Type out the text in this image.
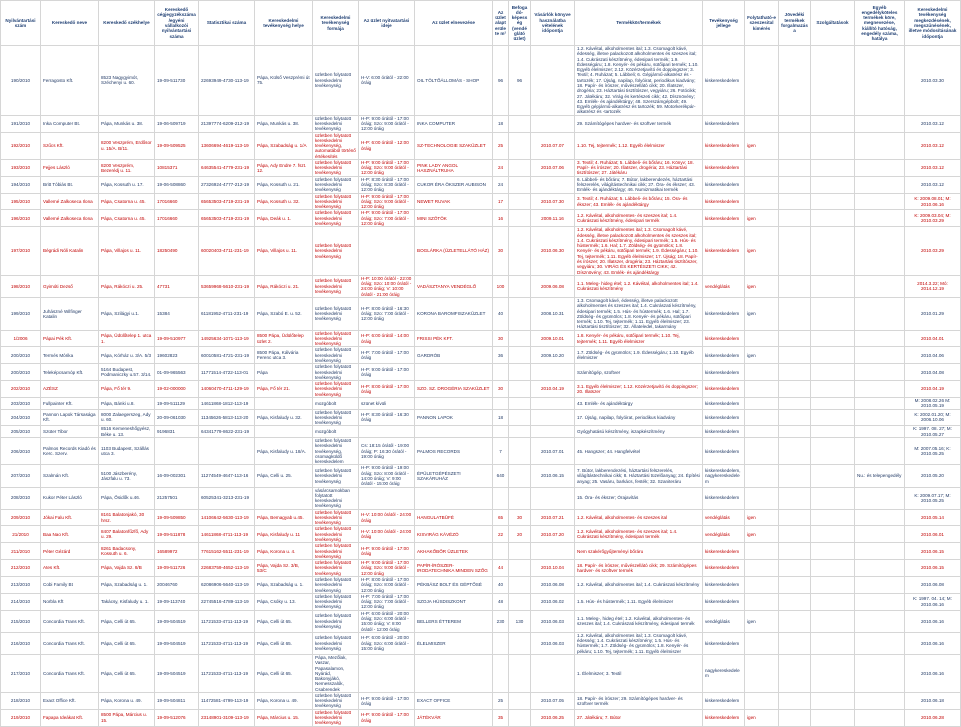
Nyilvántartási szám	Kereskedő neve	Kereskedő székhelye	Kereskedő cégjegyzékszáma/egyéni vállalkozói nyilvántartási száma	Statisztikai száma	Kereskedelmi tevékenység helye	Kereskedelmi tevékenység formája	Az üzlet nyitvatartási ideje	Az üzlet elnevezése	Az üzlet alapterülete m²	Befogadó-képesség (vendéglátó üzlet)	Vásárlók könyve használatba vételének időpontja	Termékkör/termékek	Tevékenység jellege	Folytatható-e szeszesital kimérés	Jövedéki termékek forgalmazása	Szolgáltatások	Egyéb engedélyköteles termékek köre, megnevezése, kiállító hatóság, engedély száma, hatálya	Kereskedelmi tevékenység megkezdésének, megszűnésének, illetve módosításának időpontja
190/2010	Ferragosto Kft.	8523 Nagygyimót, Széchenyi u. 60.	19-09-511730	22693949-4730-113-19	Pápa, Külső Veszprémi út 75.	üzletben folytatott kereskedelmi tevékenység	H-V: 6:00 órától - 22:00 óráig	OIL TÖLTŐÁLLOMÁS - SHOP	96	96		1.2. Kávéital, alkoholmentes ital; 1.3. Csomagolt kávé, édesség, illetve palackozott alkoholmentes és szeszes ital; 1.4. Cukrászati készítmény, édesipari termék; 1.9. Édességáru; 1.8. Kenyér- és pékáru, sütőipari termék; 1.10. Egyéb élelmiszer; 2.12. Közérzetjavító és doppingszer; 3. Textil; 4. Ruházat; 5. Lábbeli; 6. Gépjármű-alkatrész és -tartozék; 17. Újság, napilap, folyóirat, periodikus kiadvány; 18. Papír- és írószer, művészellátó cikk; 20. Illatszer, drogéria; 23. Háztartási tisztítószer, vegyiáru; 26. Fotócikk; 27. Játékáru; 32. Virág és kertészeti cikk; 42. Dísznövény; 43. Emlék- és ajándéktárgy; 48. Szerszámgépbolt; 49. Egyéb gépjármű-alkatrész és tartozék; 59. Motorkerékpár-alkatrész és -tartozék	kiskereskedelem					2010.03.30
191/2010	Inka Computer Bt.	Pápa, Munkás u. 38.	19-06-509719	21397774-6209-212-19	Pápa, Munkás u. 38.	üzletben folytatott kereskedelmi tevékenység	H-P: 9:00 órától - 17:00 óráig; Szo: 9:00 órától - 12:00 óráig	INKA COMPUTER	18			29. Számítógépes hardver- és szoftver termék	kiskereskedelem					2010.03.12
192/2010	Szűcs Kft.	8200 Veszprém, Erdősor u. 15/A. B/11.	19-09-509525	13606694-4619-113-19	Pápa, Szabadság u. 1/A	üzletben folytatott kereskedelmi tevékenység, automatából történő értékesítés	H-P: 6:00 órától - 12:00 óráig	SZ-TECHNOLOGIE SZAKÜZLET	25		2010.07.07	1.10. Tej, tejtermék; 1.12. Egyéb élelmiszer	kiskereskedelem	igen				2010.03.12
193/2010	Fejjes László	8200 Veszprém, Bezerédj u. 11.	10815371	64635541-4779-231-19	Pápa, Ady Endre 7. fszt. 12.	üzletben folytatott kereskedelmi tevékenység	H-P: 9:00 órától - 17:00 óráig; Szo: 9:00 órától - 12:00 óráig	PINK LADY ANGOL HASZNÁLTRUHA	24		2010.07.06	3. Textil; 4. Ruházat; 5. Lábbeli- és bőráru; 16. Könyv; 18. Papír- és írószer; 20. Illatszer, drogéria; 23. Háztartási tisztítószer; 27. Játékáru	kiskereskedelem					2010.03.12
194/2010	Britt Tóbiás Bt.	Pápa, Kossuth u. 17.	19-06-508860	27326924-4777-212-19	Pápa, Kossuth u. 21.	üzletben folytatott kereskedelmi tevékenység	H-P: 8:30 órától - 17:00 óráig; Szo: 8:30 órától - 12:00 óráig	CUKOR ÉRA ÖKSZER AUBISON	24			6. Lábbeli- és bőráru; 7. Bútor, lakberendezés, háztartási felszerelés, világítástechnikai cikk; 27. Óra- és ékszer; 43. Emlék- és ajándéktárgy; 46. Numizmatikai termék	kiskereskedelem					2010.03.12
195/2010	Vallemé Zalkoseca Ilona	Pápa, Csatorna u. 45.	17016660	65653503-4719-231-19	Pápa, Kossuth u. 32.	üzletben folytatott kereskedelmi tevékenység	H-P: 9:00 órától - 17:00 óráig; Szo: 9:00 órától - 12:00 óráig	NEWET RUVAK	17		2010.07.30	3. Textil; 4. Ruházat; 5. Lábbeli- és bőráru; 15. Óra- és ékszer; 43. Emlék- és ajándéktárgy	kiskereskedelem					K: 2009.08.01; M: 2010.06.16
196/2010	Vallemé Zalkoseca Ilona	Pápa, Csatorna u. 45.	17016660	65653503-4719-231-19	Pápa, Deák u. 1.	üzletben folytatott kereskedelmi tevékenység	H-P: 9:00 órától - 17:00 óráig; Szo: 7:00 órától - 12:00 óráig	MINI SZÖTÖK	16		2009.11.16	1.2. Kávéital, alkoholmentes- és szeszes ital; 1.4. Cukrászati készítmény, édesipari termék	kiskereskedelem	igen				K: 2009.03.04; M: 2010.03.29
197/2010	Bégrádi Nóli Katalin	Pápa, Villajos u. 11.	18250490	60020403-4711-231-19	Pápa, Villajos u. 11.	üzletben folytatott kereskedelmi tevékenység		BOGLÁRKA (ÜZLETELLÁTÓ HÁZ)	30		2010.06.30	1.2. Kávéital, alkoholmentes ital; 1.3. Csomagolt kávé, édesség, illetve palackozott alkoholmentes és szeszes ital; 1.4. Cukrászati készítmény, édesipari termék; 1.5. Hús- és hústermék; 1.6. Hal; 1.7. Zöldség- és gyümölcs; 1.8. Kenyér- és pékáru, sütőipari termék; 1.9. Édességáru; 1.10. Tej, tejtermék; 1.11. Egyéb élelmiszer; 17. Újság; 18. Papír- és írószer; 20. Illatszer, drogéria; 23. Háztartási tisztítószer, vegyiáru; 30. VIRÁG ÉS KERTÉSZETI CIKK; 42. Dísznövény; 43. Emlék- és ajándéktárgy	kiskereskedelem	igen				2010.03.29
198/2010	Gyimóti Dezső	Pápa, Rákóczi u. 25.	47731	53659968-5610-231-19	Pápa, Rákóczi u. 21.	üzletben folytatott kereskedelmi tevékenység	H-P: 10:00 órától - 22:00 óráig; Szo: 10:00 órától - 24:00 óráig; V: 10:00 órától - 21:00 óráig	VADÁSZTANYA VENDÉGLŐ	100		2009.06.08	1.1. Meleg- hideg étel; 1.2. Kávéital, alkoholmentes ital; 1.4. Cukrászati készítmény	vendéglátás	igen				2014.3.22; Mó: 2014.12.19
199/2010	Juhászné Wilfinger Katalin	Pápa, Szilágyi u.1.	15384	61181952-4711-231-19	Pápa, Szabó E. u. 52.	üzletben folytatott kereskedelmi tevékenység	H-P: 8:00 órától - 16:30 óráig; Szo: 7:00 órától - 12:00 óráig	KORONA BAROMFISZAKÜZLET	40		2008.10.31	1.3. Csomagolt kávé, édesség, illetve palackozott alkoholmentes és szeszes ital; 1.4. Cukrászati készítmény, édesipari termék; 1.5. Hús- és hústermék; 1.6. Hal; 1.7. Zöldség- és gyümölcs; 1.8. Kenyér- és pékáru, sütőipari termék; 1.10. Tej, tejtermék; 1.11. Egyéb élelmiszer; 23. Háztartási tisztítószer; 32. Állateledel, takarmány	kiskereskedelem	igen				2010.01.29
1/2006	Pápai Pék Kft.	Pápa, Üdülőtelep 1. utca 1.	19-09-510977	14925634-1071-113-19	8500 Pápa, Üdülőtelep üzlet 2.	üzletben folytatott kereskedelmi tevékenység	H-P: 6:00 órától - 14:00 óráig	FRISSI PÉK KFT.	30		2009.10.01	1.8. Kenyér- és pékáru, sütőipari termék; 1.10. Tej, tejtermék; 1.11. Egyéb élelmiszer	kiskereskedelem					2010.04.01
200/2010	Termés Mórika	Pápa, Kórház u. 3/A. 5/3	19602823	60010581-4721-231-19	8500 Pápa, Kálvária Ferenc utca 3.	üzletben folytatott kereskedelmi tevékenység	H-P: 7:00 órától - 17:00 óráig	GARDRÓB	36		2009.10.20	1.7. Zöldség- és gyümölcs; 1.9. Édességáru; 1.10. Egyéb élelmiszer	kiskereskedelem	igen				2010.04.06
200/2010	Teleképcsarnóp Kft.	5164 Budapest, Podmaniczky u.57. 3/14.	01-09-965563	11771514-4722-113-01	Pápa	üzletben folytatott kereskedelmi tevékenység	H-P: 9:00 órától - 17:00 óráig					Számítógép, szoftver	kiskereskedelem					2010.04.08
202/2010	AZÉSZ	Pápa, Fő tér 9.	19-02-000000	14060470-4711-129-19	Pápa, Fő tér 21.	üzletben folytatott kereskedelmi tevékenység	H-P: 8:00 órától - 17:00 óráig	SZO. SZ. DROGÉRIA SZAKÜZLET	30		2010.04.19	3.1. Egyéb élelmiszer; 1.12. Közérzetjavító és doppingszer; 20. Illatszer	kiskereskedelem					2010.04.19
203/2010	Fullpainter Kft.	Pápa, Bánki u.8.	19-09-511129	14611868-1812-113-19		mozgóbolt	szünet kívüli					43. Emlék- és ajándéktárgy	kiskereskedelem					M: 2008.02.26 M: 2010.05.19
204/2010	Pannon Lapok Társasága Kft.	8000 Zalaegerszeg, Ady u. 60.	20-09-061030	11345626-5813-113-20	Pápa, Kisfaludy u. 32.	üzletben folytatott kereskedelmi tevékenység	H-P: 8:30 órától - 16:30 óráig	PANNON LAPOK	18			17. Újság, napilap, folyóirat, periodikus kiadvány	kiskereskedelem					K: 2002.01.20; M: 2006.10.06
205/2010	Szüter Tibor	8516 Kemeneshőgyész, Béke u. 13.	9196831	64341779-8622-231-19		mozgóbolt						Gyógyhatású készítmény, iszapkészítmény	kiskereskedelem					K: 1997. 08. 27; M: 2010.05.27
206/2010	Palmos Records Kiadó és Kerc. Szerv.	1103 Budapest, Szállás utca 3.			Pápa, Kisfaludy u. 18/A.	üzletben folytatott kereskedelmi tevékenység, csomagküldő kereskedelem	Cs: 18:15 órától - 19:00 óráig; P: 16:30 órától - 19:00 óráig	PALMOS RECORDS	7		2010.07.01	45. Hangszer; 44. Hangfelvétel	kiskereskedelem					M: 2007.05.16; K: 2010.05.25
207/2010	Szalmán Kft.	5100 Jászberény, Jászfalu u. 73.	16-09-002301	11274549-4647-113-16	Pápa, Celli u. 25.	üzletben folytatott kereskedelmi tevékenység	H-P: 9:00 órától - 19:00 óráig; Szo: 8:00 órától - 14:00 óráig; V: 9:00 órától - 15:00 óráig	ÉPÜLETGÉPÉSZETI SZAKÁRUHÁZ	640		2010.06.15	7. Bútor, lakberendezési, háztartási felszerelés, világítástechnikai cikk; 8. Háztartási tüzelőanyag; 24. Építési anyag; 25. Vasáru, barkács, festék; 32. Szaniteráru	kiskereskedelem, nagykereskedelem				Nu.: és telepengedély	2010.05.20
208/2010	Kukor Péter László	Pápa, Ősidők u.46.	21257501	60525341-3213-231-19		vásárcsarnokban folytatott kereskedelmi tevékenység						15. Óra- és ékszer; Órajavítás	kiskereskedelem					K: 2009.07.17; M: 2010.05.25
209/2010	Jókai Falu Kft.	8161 Balatonjakó, 30 hrsz.	19-09-509850	14106642-5630-113-19	Pápa, Bemagyab u.45.	üzletben folytatott kereskedelmi tevékenység	H-V: 10:00 órától - 24:00 óráig	HANGULATBÜFÉ	65	30	2010.07.21	1.2. Kávéital, alkoholmentes- és szeszes ital	vendéglátás	igen				2010.05.14
21/2010	Baa Nao Kft.	8407 Balatonfűzfő, Ady u. 29.	19-09-511878	14611868-4711-113-19	Pápa, Kisfaludy u. 11	üzletben folytatott kereskedelmi tevékenység	H-V: 10:00 órától - 24:00 óráig	KISVIRÁG KÁVÉZÓ	22	20	2010.07.20	1.2. Kávéital, alkoholmentes- és szeszes ital; 1.4. Cukrászati készítmény, édesipari termék	vendéglátás	igen				2010.06.01
211/2010	Péter Gézárd	8261 Badacsony, Kossuth u. 6.	16589972	77615162-5511-231-19	Pápa, Korona u. 4.	üzletben folytatott kereskedelmi tevékenység	H-P: 9:00 órától - 17:00 óráig	AKHAKŐBŐR ÜZLETEK				Nem szakérőgyűjteményi bőráru	kiskereskedelem					2010.06.15
212/2010	Ates Kft.	Pápa, Vajda Sz. 8/B	19-09-511726	22683759-4652-113-19	Pápa, Vajda Sz. 3/B, 53/C	üzletben folytatott kereskedelmi tevékenység	H-P: 9:00 órától - 17:00 óráig; Szo: 9:00 órától - 12:00 óráig	PAPÍR-ÍRÓSZER-IRODATECHNIKA MINDEN SZŐG	44		2010.10.04	18. Papír- és írószer, művészellátó cikk; 29. Számítógépes hardver- és szoftver termék	kiskereskedelem					2010.06.15
213/2010	Cobi Family Bt	Pápa, Szabadság u. 1.	20046760	62086906-5640-113-19	Pápa, Szabadság u. 1.	üzletben folytatott kereskedelmi tevékenység	H-P: 8:00 órától - 17:00 óráig; Szo: 8:00 órától - 12:00 óráig	PÉKBÁSZ BOLT ÉS GÉPTŐSÉ	40		2010.06.08	1.2. Kávéital, alkoholmentes ital; 1.4. Cukrászati készítmény	kiskereskedelem					2010.06.08
214/2010	Norbla Kft	Takácsy, Kisfaludy u. 1.	19-09-113740	22745516-4789-113-19	Pápa, Csóky u. 13.	üzletben folytatott kereskedelmi tevékenység	H-P: 7:00 órától - 17:00 óráig; Szo: 7:00 órától - 12:00 óráig	SZOJA HÚSDISZKONT	48		2010.06.02	1.5. Hús- és hústermék; 1.11. Egyéb élelmiszer	kiskereskedelem					K: 1997. 04. 14; M: 2010.06.16
215/2010	Concordia Trans Kft.	Pápa, Celli út 65.	19-09-504519	11721533-4711-113-19	Pápa, Celli út 65.	üzletben folytatott kereskedelmi tevékenység	H-P: 6:00 órától - 20:00 óráig; Szo: 6:00 órától - 15:00 óráig; V: 8:00 órától - 12:00 óráig	BELLERS ÉTTEREM	230	130	2010.06.03	1.1. Meleg-, hideg étel; 1.2. Kávéital, alkoholmentes- és szeszes ital; 1.4. Cukrászati készítmény, édesipari termék	vendéglátás	igen				2010.06.16
216/2010	Concordia Trans Kft.	Pápa, Celli út 65.	19-09-504519	11721533-4711-113-19	Pápa, Celli út 65.	üzletben folytatott kereskedelmi tevékenység	H-P: 6:00 órától - 20:00 óráig; Szo: 6:00 órától - 15:00 óráig	ÉLELMISZER			2010.06.03	1.2. Kávéital, alkoholmentes ital; 1.3. Csomagolt kávé, édesség; 1.4. Cukrászati készítmény; 1.5. Hús- és hústermék; 1.7. Zöldség- és gyümölcs; 1.8. Kenyér- és pékáru; 1.10. Tej, tejtermék; 1.11. Egyéb élelmiszer	kiskereskedelem					2010.06.16
217/2010	Concordia Trans Kft.	Pápa, Celli út 65.	19-09-504519	11721533-4711-113-19	Pápa, Celli út 65.	Pápa, Mezőlak, Vaszar, Papasalamon, Nyárád, Bakonyjákó, Nemesszalók, Csabrendek						1. Élelmiszer; 3. Textil	nagykereskedelem					2010.06.16
218/2010	Exact Office Kft.	Pápa, Korona u. 49.	19-09-504811	11472581-4799-113-19	Pápa, Korona u. 49.	üzletben folytatott kereskedelmi tevékenység	H-P: 9:00 órától - 17:00 óráig	EXACT OFFICE	25		2010.07.05	18. Papír- és írószer; 29. Számítógépes hardver- és szoftver termék	kiskereskedelem					2010.06.18
219/2010	Fapapa Ideákat Kft.	8500 Pápa, Március u. 15.	19-09-512076	23148901-3109-113-19	Pápa, Március u. 15.	üzletben folytatott kereskedelmi tevékenység	H-P: 9:00 órától - 17:00 óráig	JÁTÉKVÁR	35		2010.06.25	27. Játékáru; 7. Bútor	kiskereskedelem	igen				2010.06.28
